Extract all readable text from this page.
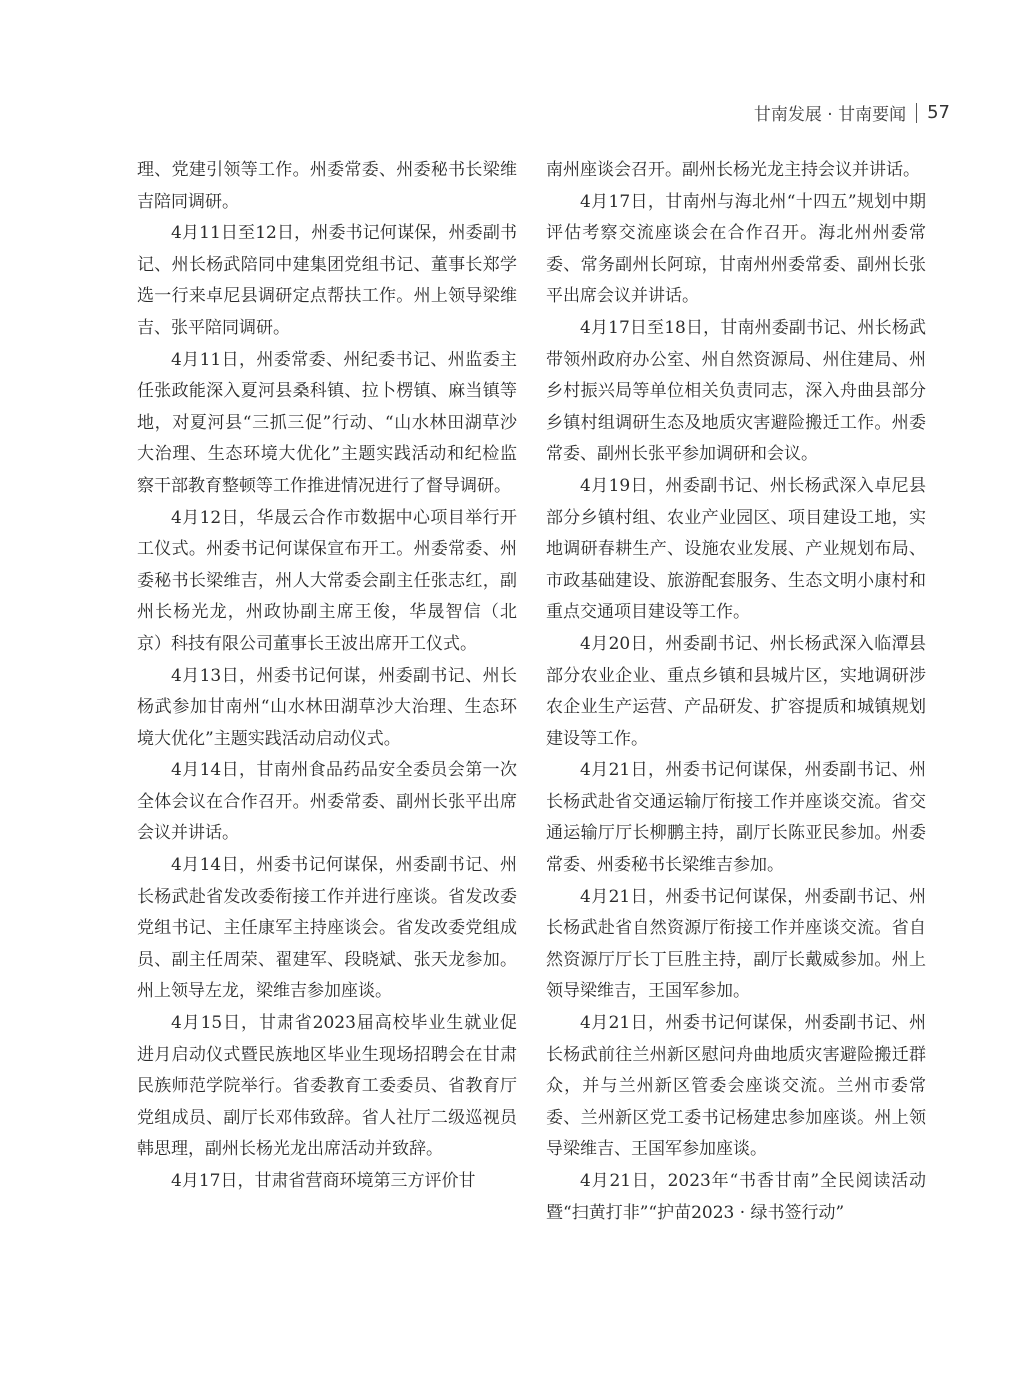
甘南发展 · 甘南要闻 57

理、党建引领等工作。州委常委、州委秘书长梁维吉陪同调研。

4月11日至12日，州委书记何谋保，州委副书记、州长杨武陪同中建集团党组书记、董事长郑学选一行来卓尼县调研定点帮扶工作。州上领导梁维吉、张平陪同调研。

4月11日，州委常委、州纪委书记、州监委主任张政能深入夏河县桑科镇、拉卜楞镇、麻当镇等地，对夏河县“三抓三促”行动、“山水林田湖草沙大治理、生态环境大优化”主题实践活动和纪检监察干部教育整顿等工作推进情况进行了督导调研。

4月12日，华晟云合作市数据中心项目举行开工仪式。州委书记何谋保宣布开工。州委常委、州委秘书长梁维吉，州人大常委会副主任张志红，副州长杨光龙，州政协副主席王俊，华晟智信（北京）科技有限公司董事长王波出席开工仪式。

4月13日，州委书记何谋，州委副书记、州长杨武参加甘南州“山水林田湖草沙大治理、生态环境大优化”主题实践活动启动仪式。

4月14日，甘南州食品药品安全委员会第一次全体会议在合作召开。州委常委、副州长张平出席会议并讲话。

4月14日，州委书记何谋保，州委副书记、州长杨武赴省发改委衔接工作并进行座谈。省发改委党组书记、主任康军主持座谈会。省发改委党组成员、副主任周荣、翟建军、段晓斌、张天龙参加。州上领导左龙，梁维吉参加座谈。

4月15日，甘肃省2023届高校毕业生就业促进月启动仪式暨民族地区毕业生现场招聘会在甘肃民族师范学院举行。省委教育工委委员、省教育厅党组成员、副厅长邓伟致辞。省人社厅二级巡视员韩思理，副州长杨光龙出席活动并致辞。

4月17日，甘肃省营商环境第三方评价甘

南州座谈会召开。副州长杨光龙主持会议并讲话。

4月17日，甘南州与海北州“十四五”规划中期评估考察交流座谈会在合作召开。海北州州委常委、常务副州长阿琼，甘南州州委常委、副州长张平出席会议并讲话。

4月17日至18日，甘南州委副书记、州长杨武带领州政府办公室、州自然资源局、州住建局、州乡村振兴局等单位相关负责同志，深入舟曲县部分乡镇村组调研生态及地质灾害避险搬迁工作。州委常委、副州长张平参加调研和会议。

4月19日，州委副书记、州长杨武深入卓尼县部分乡镇村组、农业产业园区、项目建设工地，实地调研春耕生产、设施农业发展、产业规划布局、市政基础建设、旅游配套服务、生态文明小康村和重点交通项目建设等工作。

4月20日，州委副书记、州长杨武深入临潭县部分农业企业、重点乡镇和县城片区，实地调研涉农企业生产运营、产品研发、扩容提质和城镇规划建设等工作。

4月21日，州委书记何谋保，州委副书记、州长杨武赴省交通运输厅衔接工作并座谈交流。省交通运输厅厅长柳鹏主持，副厅长陈亚民参加。州委常委、州委秘书长梁维吉参加。

4月21日，州委书记何谋保，州委副书记、州长杨武赴省自然资源厅衔接工作并座谈交流。省自然资源厅厅长丁巨胜主持，副厅长戴威参加。州上领导梁维吉，王国军参加。

4月21日，州委书记何谋保，州委副书记、州长杨武前往兰州新区慰问舟曲地质灾害避险搬迁群众，并与兰州新区管委会座谈交流。兰州市委常委、兰州新区党工委书记杨建忠参加座谈。州上领导梁维吉、王国军参加座谈。

4月21日，2023年“书香甘南”全民阅读活动暨“扫黄打非”“护苗2023 · 绿书签行动”
